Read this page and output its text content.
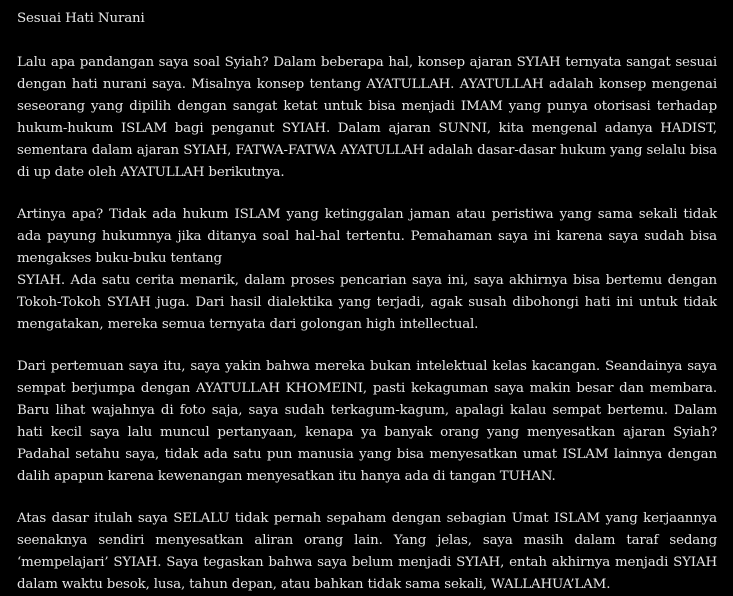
Sesuai Hati Nurani

Lalu apa pandangan saya soal Syiah? Dalam beberapa hal, konsep ajaran SYIAH ternyata sangat sesuai dengan hati nurani saya. Misalnya konsep tentang AYATULLAH. AYATULLAH adalah konsep mengenai seseorang yang dipilih dengan sangat ketat untuk bisa menjadi IMAM yang punya otorisasi terhadap hukum-hukum ISLAM bagi penganut SYIAH. Dalam ajaran SUNNI, kita mengenal adanya HADIST, sementara dalam ajaran SYIAH, FATWA-FATWA AYATULLAH adalah dasar-dasar hukum yang selalu bisa di up date oleh AYATULLAH berikutnya.

Artinya apa? Tidak ada hukum ISLAM yang ketinggalan jaman atau peristiwa yang sama sekali tidak ada payung hukumnya jika ditanya soal hal-hal tertentu. Pemahaman saya ini karena saya sudah bisa mengakses buku-buku tentang

SYIAH. Ada satu cerita menarik, dalam proses pencarian saya ini, saya akhirnya bisa bertemu dengan Tokoh-Tokoh SYIAH juga. Dari hasil dialektika yang terjadi, agak susah dibohongi hati ini untuk tidak mengatakan, mereka semua ternyata dari golongan high intellectual.

Dari pertemuan saya itu, saya yakin bahwa mereka bukan intelektual kelas kacangan. Seandainya saya sempat berjumpa dengan AYATULLAH KHOMEINI, pasti kekaguman saya makin besar dan membara. Baru lihat wajahnya di foto saja, saya sudah terkagum-kagum, apalagi kalau sempat bertemu. Dalam hati kecil saya lalu muncul pertanyaan, kenapa ya banyak orang yang menyesatkan ajaran Syiah? Padahal setahu saya, tidak ada satu pun manusia yang bisa menyesatkan umat ISLAM lainnya dengan dalih apapun karena kewenangan menyesatkan itu hanya ada di tangan TUHAN.

Atas dasar itulah saya SELALU tidak pernah sepaham dengan sebagian Umat ISLAM yang kerjaannya seenaknya sendiri menyesatkan aliran orang lain. Yang jelas, saya masih dalam taraf sedang ‘mempelajari’ SYIAH. Saya tegaskan bahwa saya belum menjadi SYIAH, entah akhirnya menjadi SYIAH dalam waktu besok, lusa, tahun depan, atau bahkan tidak sama sekali, WALLAHUA’LAM.
